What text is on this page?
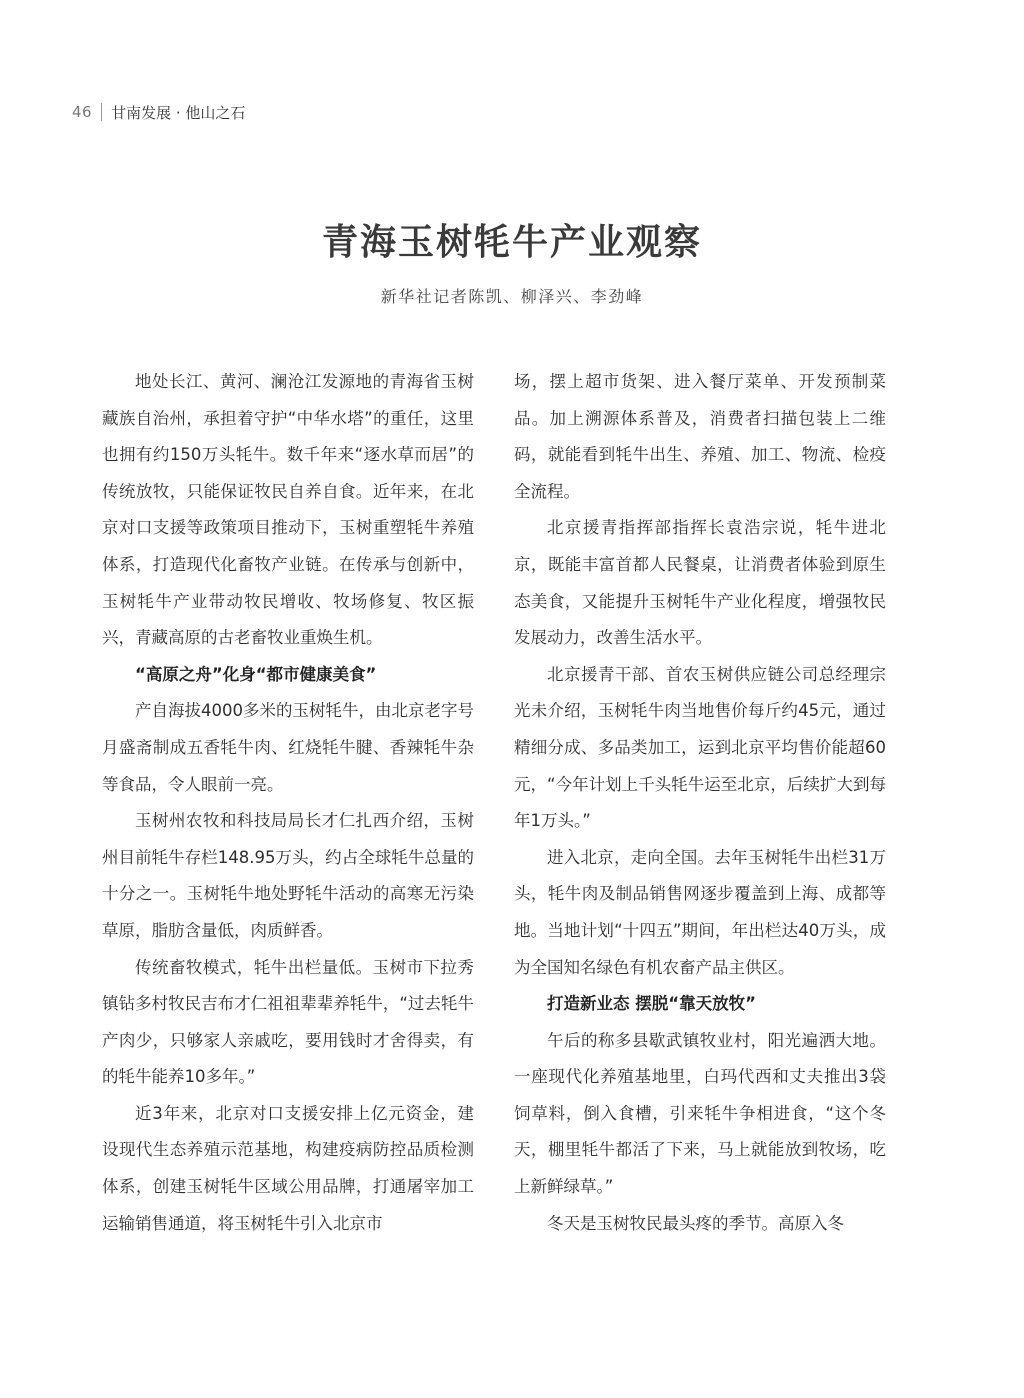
46 甘南发展 · 他山之石
青海玉树牦牛产业观察
新华社记者陈凯、柳泽兴、李劲峰

地处长江、黄河、澜沧江发源地的青海省玉树藏族自治州，承担着守护“中华水塔”的重任，这里也拥有约150万头牦牛。数千年来“逐水草而居”的传统放牧，只能保证牧民自养自食。近年来，在北京对口支援等政策项目推动下，玉树重塑牦牛养殖体系，打造现代化畜牧产业链。在传承与创新中，玉树牦牛产业带动牧民增收、牧场修复、牧区振兴，青藏高原的古老畜牧业重焕生机。

“高原之舟”化身“都市健康美食”

产自海拔4000多米的玉树牦牛，由北京老字号月盛斋制成五香牦牛肉、红烧牦牛腱、香辣牦牛杂等食品，令人眼前一亮。

玉树州农牧和科技局局长才仁扎西介绍，玉树州目前牦牛存栏148.95万头，约占全球牦牛总量的十分之一。玉树牦牛地处野牦牛活动的高寒无污染草原，脂肪含量低，肉质鲜香。

传统畜牧模式，牦牛出栏量低。玉树市下拉秀镇钻多村牧民吉布才仁祖祖辈辈养牦牛，“过去牦牛产肉少，只够家人亲戚吃，要用钱时才舍得卖，有的牦牛能养10多年。”

近3年来，北京对口支援安排上亿元资金，建设现代生态养殖示范基地，构建疫病防控品质检测体系，创建玉树牦牛区域公用品牌，打通屠宰加工运输销售通道，将玉树牦牛引入北京市

场，摆上超市货架、进入餐厅菜单、开发预制菜品。加上溯源体系普及，消费者扫描包装上二维码，就能看到牦牛出生、养殖、加工、物流、检疫全流程。

北京援青指挥部指挥长袁浩宗说，牦牛进北京，既能丰富首都人民餐桌，让消费者体验到原生态美食，又能提升玉树牦牛产业化程度，增强牧民发展动力，改善生活水平。

北京援青干部、首农玉树供应链公司总经理宗光未介绍，玉树牦牛肉当地售价每斤约45元，通过精细分成、多品类加工，运到北京平均售价能超60元，“今年计划上千头牦牛运至北京，后续扩大到每年1万头。”

进入北京，走向全国。去年玉树牦牛出栏31万头，牦牛肉及制品销售网逐步覆盖到上海、成都等地。当地计划“十四五”期间，年出栏达40万头，成为全国知名绿色有机农畜产品主供区。

打造新业态 摆脱“靠天放牧”

午后的称多县歇武镇牧业村，阳光遍洒大地。一座现代化养殖基地里，白玛代西和丈夫推出3袋饲草料，倒入食槽，引来牦牛争相进食，“这个冬天，棚里牦牛都活了下来，马上就能放到牧场，吃上新鲜绿草。”

冬天是玉树牧民最头疼的季节。高原入冬
